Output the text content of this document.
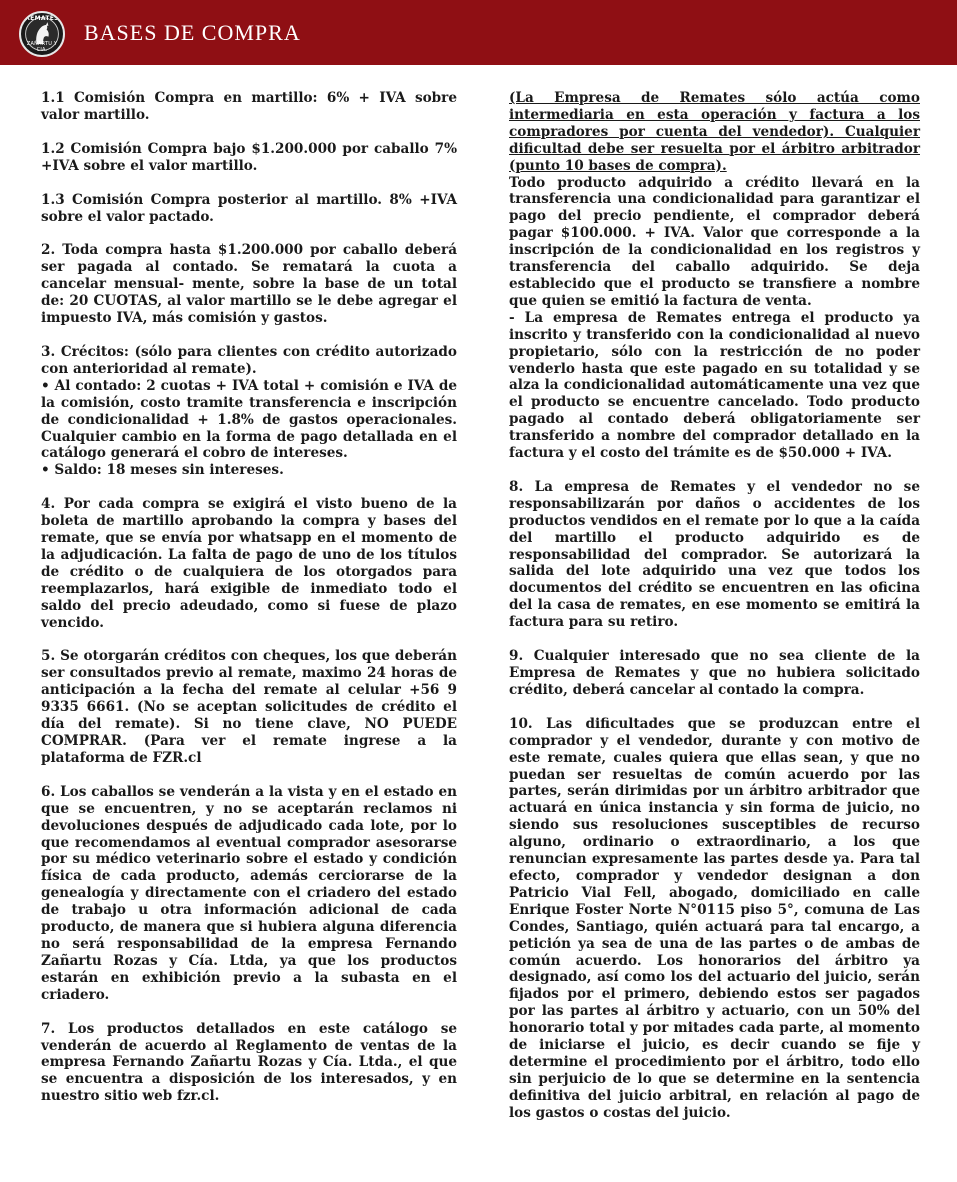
REMATES
ZAÑARTU Y CIA.
BASES DE COMPRA

1.1 Comisión Compra en martillo: 6% + IVA sobre valor martillo.

1.2 Comisión Compra bajo $1.200.000 por caballo 7% +IVA sobre el valor martillo.

1.3 Comisión Compra posterior al martillo. 8% +IVA sobre el valor pactado.

2. Toda compra hasta $1.200.000 por caballo deberá ser pagada al contado. Se rematará la cuota a cancelar mensual- mente, sobre la base de un total de: 20 CUOTAS, al valor martillo se le debe agregar el impuesto IVA, más comisión y gastos.

3. Crécitos: (sólo para clientes con crédito autorizado con anterioridad al remate).

• Al contado: 2 cuotas + IVA total + comisión e IVA de la comisión, costo tramite transferencia e inscripción de condicionalidad + 1.8% de gastos operacionales. Cualquier cambio en la forma de pago detallada en el catálogo generará el cobro de intereses.

• Saldo: 18 meses sin intereses.

4. Por cada compra se exigirá el visto bueno de la boleta de martillo aprobando la compra y bases del remate, que se envía por whatsapp en el momento de la adjudicación. La falta de pago de uno de los títulos de crédito o de cualquiera de los otorgados para reemplazarlos, hará exigible de inmediato todo el saldo del precio adeudado, como si fuese de plazo vencido.

5. Se otorgarán créditos con cheques, los que deberán ser consultados previo al remate, maximo 24 horas de anticipación a la fecha del remate al celular +56 9 9335 6661. (No se aceptan solicitudes de crédito el día del remate). Si no tiene clave, NO PUEDE COMPRAR. (Para ver el remate ingrese a la plataforma de FZR.cl

6. Los caballos se venderán a la vista y en el estado en que se encuentren, y no se aceptarán reclamos ni devoluciones después de adjudicado cada lote, por lo que recomendamos al eventual comprador asesorarse por su médico veterinario sobre el estado y condición física de cada producto, además cerciorarse de la genealogía y directamente con el criadero del estado de trabajo u otra información adicional de cada producto, de manera que si hubiera alguna diferencia no será responsabilidad de la empresa Fernando Zañartu Rozas y Cía. Ltda, ya que los productos estarán en exhibición previo a la subasta en el criadero.

7. Los productos detallados en este catálogo se venderán de acuerdo al Reglamento de ventas de la empresa Fernando Zañartu Rozas y Cía. Ltda., el que se encuentra a disposición de los interesados, y en nuestro sitio web fzr.cl.

(La Empresa de Remates sólo actúa como intermediaria en esta operación y factura a los compradores por cuenta del vendedor). Cualquier dificultad debe ser resuelta por el árbitro arbitrador (punto 10 bases de compra).

Todo producto adquirido a crédito llevará en la transferencia una condicionalidad para garantizar el pago del precio pendiente, el comprador deberá pagar $100.000. + IVA. Valor que corresponde a la inscripción de la condicionalidad en los registros y transferencia del caballo adquirido. Se deja establecido que el producto se transfiere a nombre que quien se emitió la factura de venta.

- La empresa de Remates entrega el producto ya inscrito y transferido con la condicionalidad al nuevo propietario, sólo con la restricción de no poder venderlo hasta que este pagado en su totalidad y se alza la condicionalidad automáticamente una vez que el producto se encuentre cancelado. Todo producto pagado al contado deberá obligatoriamente ser transferido a nombre del comprador detallado en la factura y el costo del trámite es de $50.000 + IVA.

8. La empresa de Remates y el vendedor no se responsabilizarán por daños o accidentes de los productos vendidos en el remate por lo que a la caída del martillo el producto adquirido es de responsabilidad del comprador. Se autorizará la salida del lote adquirido una vez que todos los documentos del crédito se encuentren en las oficina del la casa de remates, en ese momento se emitirá la factura para su retiro.

9. Cualquier interesado que no sea cliente de la Empresa de Remates y que no hubiera solicitado crédito, deberá cancelar al contado la compra.

10. Las dificultades que se produzcan entre el comprador y el vendedor, durante y con motivo de este remate, cuales quiera que ellas sean, y que no puedan ser resueltas de común acuerdo por las partes, serán dirimidas por un árbitro arbitrador que actuará en única instancia y sin forma de juicio, no siendo sus resoluciones susceptibles de recurso alguno, ordinario o extraordinario, a los que renuncian expresamente las partes desde ya. Para tal efecto, comprador y vendedor designan a don Patricio Vial Fell, abogado, domiciliado en calle Enrique Foster Norte N°0115 piso 5°, comuna de Las Condes, Santiago, quién actuará para tal encargo, a petición ya sea de una de las partes o de ambas de común acuerdo. Los honorarios del árbitro ya designado, así como los del actuario del juicio, serán fijados por el primero, debiendo estos ser pagados por las partes al árbitro y actuario, con un 50% del honorario total y por mitades cada parte, al momento de iniciarse el juicio, es decir cuando se fije y determine el procedimiento por el árbitro, todo ello sin perjuicio de lo que se determine en la sentencia definitiva del juicio arbitral, en relación al pago de los gastos o costas del juicio.
